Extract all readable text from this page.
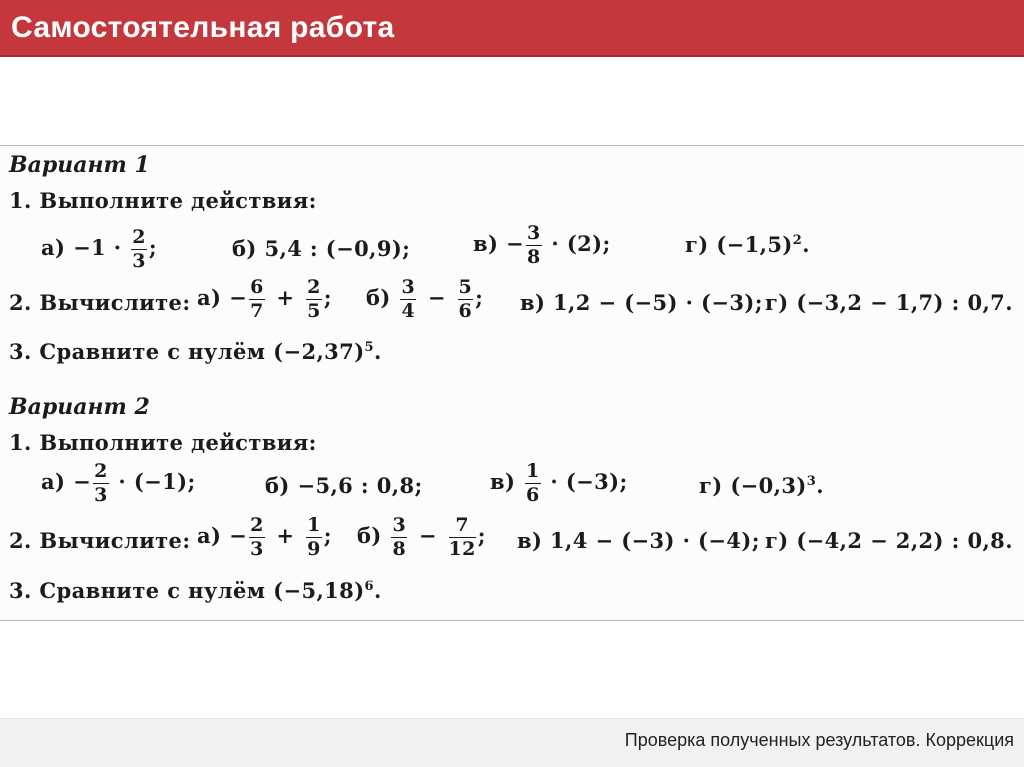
Самостоятельная работа
Вариант 1
1. Выполните действия:
$а) -1 \cdot \frac{2}{3}$ ;	б) 5,4 : (−0,9);	$в) - \frac{3}{8} \cdot (2)$;	г) $(-1,5)^2$.
2. Вычислите: $а) - \frac{6}{7} + \frac{2}{5}$ ; $б) \frac{3}{4} - \frac{5}{6}$ ; в) 1,2 − (−5) · (−3); г) (−3,2 − 1,7) : 0,7.
3. Сравните с нулём $(-2,37)^5$.
Вариант 2
1. Выполните действия:
$а) - \frac{2}{3} \cdot (-1)$;	б) −5,6 : 0,8;	$в) \frac{1}{6} \cdot (-3)$;	г) $(-0,3)^3$.
2. Вычислите: $а) - \frac{2}{3} + \frac{1}{9}$ ; $б) \frac{3}{8} - \frac{7}{12}$ ; в) 1,4 − (−3) · (−4); г) (−4,2 − 2,2) : 0,8.
3. Сравните с нулём $(-5,18)^6$.
Проверка полученных результатов. Коррекция
